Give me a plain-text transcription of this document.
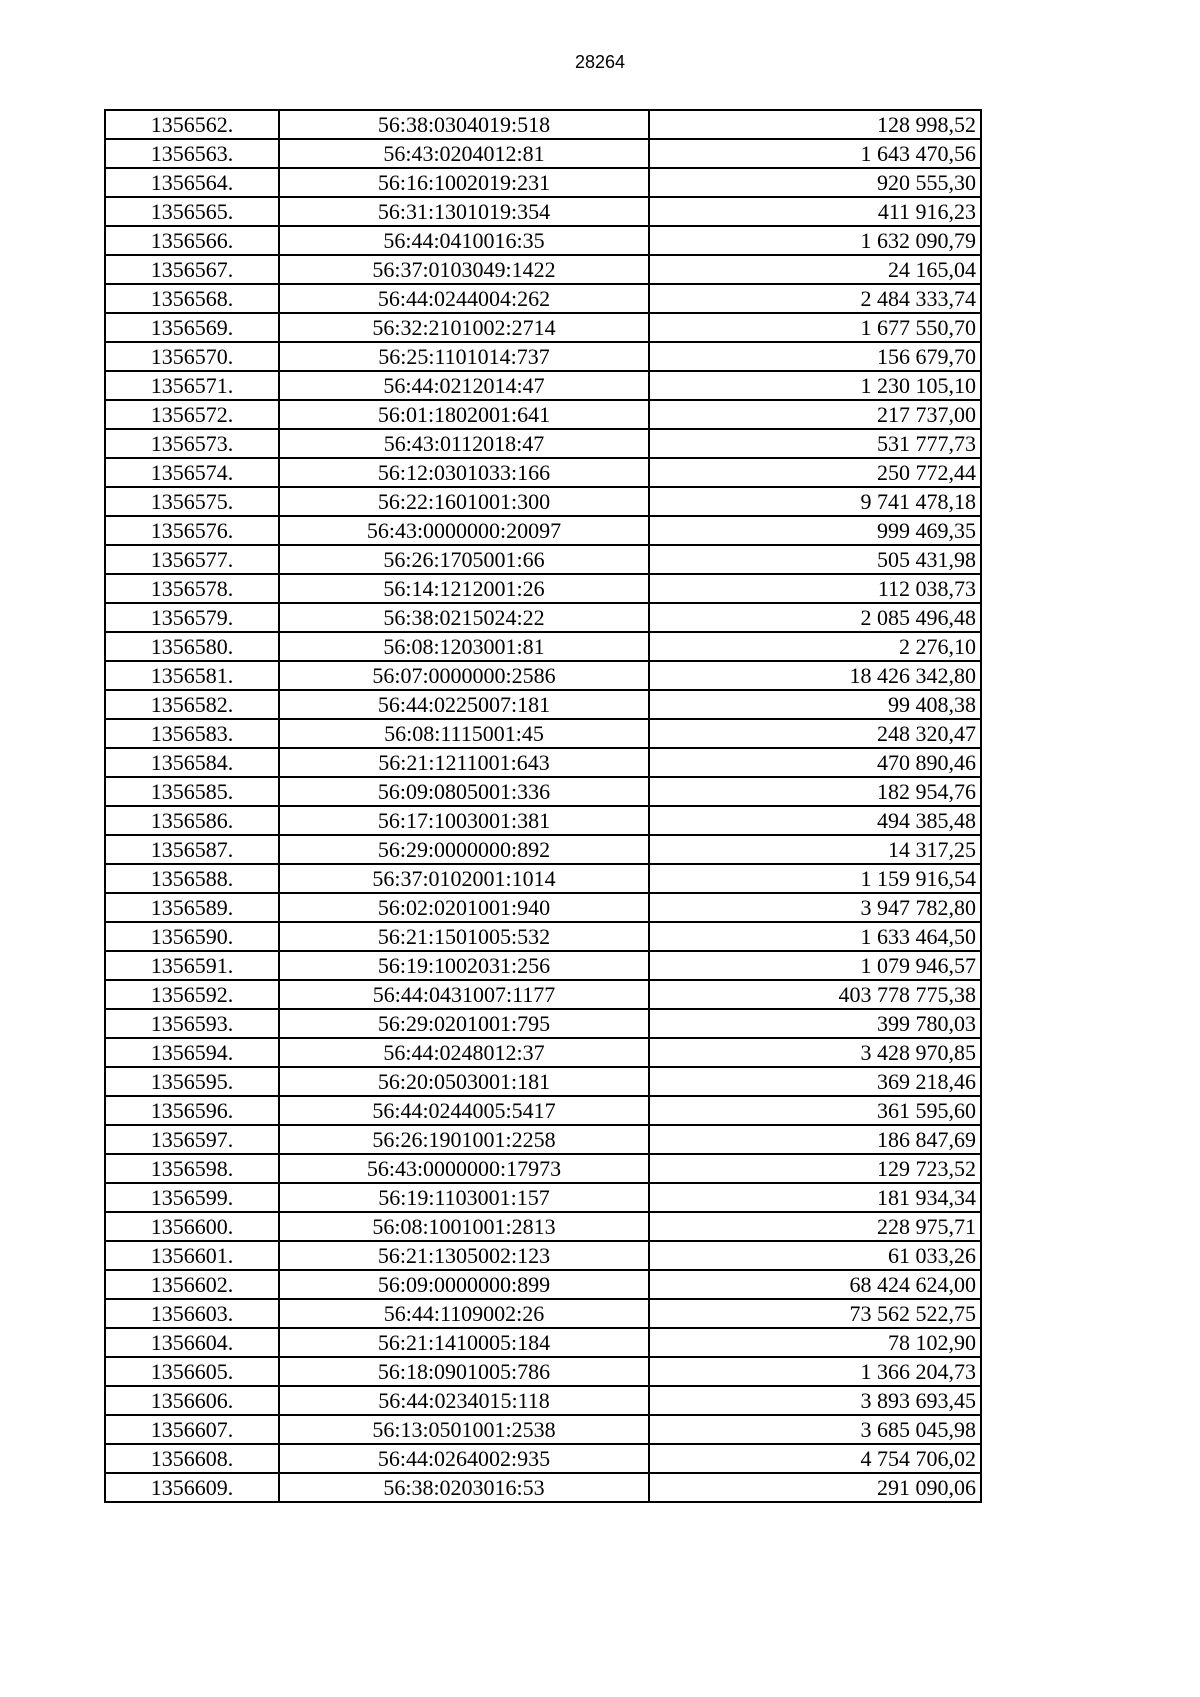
28264
1356562.	56:38:0304019:518	128 998,52
1356563.	56:43:0204012:81	1 643 470,56
1356564.	56:16:1002019:231	920 555,30
1356565.	56:31:1301019:354	411 916,23
1356566.	56:44:0410016:35	1 632 090,79
1356567.	56:37:0103049:1422	24 165,04
1356568.	56:44:0244004:262	2 484 333,74
1356569.	56:32:2101002:2714	1 677 550,70
1356570.	56:25:1101014:737	156 679,70
1356571.	56:44:0212014:47	1 230 105,10
1356572.	56:01:1802001:641	217 737,00
1356573.	56:43:0112018:47	531 777,73
1356574.	56:12:0301033:166	250 772,44
1356575.	56:22:1601001:300	9 741 478,18
1356576.	56:43:0000000:20097	999 469,35
1356577.	56:26:1705001:66	505 431,98
1356578.	56:14:1212001:26	112 038,73
1356579.	56:38:0215024:22	2 085 496,48
1356580.	56:08:1203001:81	2 276,10
1356581.	56:07:0000000:2586	18 426 342,80
1356582.	56:44:0225007:181	99 408,38
1356583.	56:08:1115001:45	248 320,47
1356584.	56:21:1211001:643	470 890,46
1356585.	56:09:0805001:336	182 954,76
1356586.	56:17:1003001:381	494 385,48
1356587.	56:29:0000000:892	14 317,25
1356588.	56:37:0102001:1014	1 159 916,54
1356589.	56:02:0201001:940	3 947 782,80
1356590.	56:21:1501005:532	1 633 464,50
1356591.	56:19:1002031:256	1 079 946,57
1356592.	56:44:0431007:1177	403 778 775,38
1356593.	56:29:0201001:795	399 780,03
1356594.	56:44:0248012:37	3 428 970,85
1356595.	56:20:0503001:181	369 218,46
1356596.	56:44:0244005:5417	361 595,60
1356597.	56:26:1901001:2258	186 847,69
1356598.	56:43:0000000:17973	129 723,52
1356599.	56:19:1103001:157	181 934,34
1356600.	56:08:1001001:2813	228 975,71
1356601.	56:21:1305002:123	61 033,26
1356602.	56:09:0000000:899	68 424 624,00
1356603.	56:44:1109002:26	73 562 522,75
1356604.	56:21:1410005:184	78 102,90
1356605.	56:18:0901005:786	1 366 204,73
1356606.	56:44:0234015:118	3 893 693,45
1356607.	56:13:0501001:2538	3 685 045,98
1356608.	56:44:0264002:935	4 754 706,02
1356609.	56:38:0203016:53	291 090,06
